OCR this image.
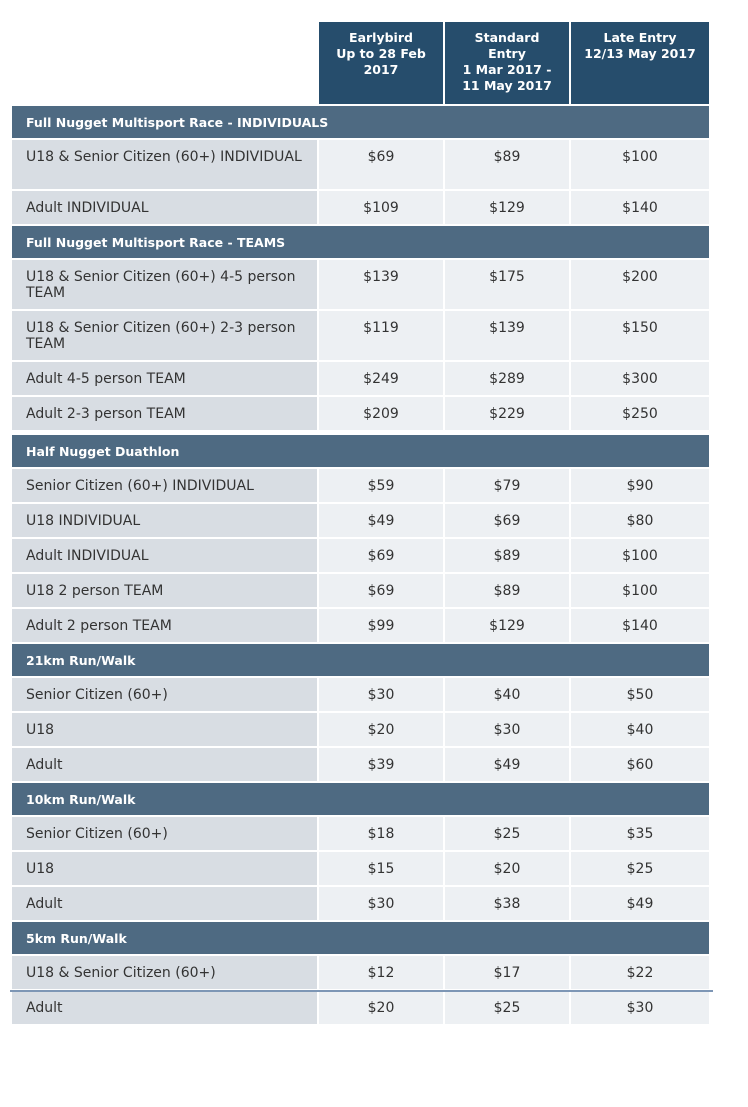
	Earlybird
Up to 28 Feb
2017	Standard
Entry
1 Mar 2017 -
11 May 2017	Late Entry
12/13 May 2017
Full Nugget Multisport Race - INDIVIDUALS			
U18 & Senior Citizen (60+) INDIVIDUAL	$69	$89	$100
Adult INDIVIDUAL	$109	$129	$140
Full Nugget Multisport Race - TEAMS			
U18 & Senior Citizen (60+) 4-5 person TEAM	$139	$175	$200
U18 & Senior Citizen (60+) 2-3 person TEAM	$119	$139	$150
Adult 4-5 person TEAM	$249	$289	$300
Adult 2-3 person TEAM	$209	$229	$250
Half Nugget Duathlon			
Senior Citizen (60+) INDIVIDUAL	$59	$79	$90
U18 INDIVIDUAL	$49	$69	$80
Adult INDIVIDUAL	$69	$89	$100
U18 2 person TEAM	$69	$89	$100
Adult 2 person TEAM	$99	$129	$140
21km Run/Walk			
Senior Citizen (60+)	$30	$40	$50
U18	$20	$30	$40
Adult	$39	$49	$60
10km Run/Walk			
Senior Citizen (60+)	$18	$25	$35
U18	$15	$20	$25
Adult	$30	$38	$49
5km Run/Walk			
U18 & Senior Citizen (60+)	$12	$17	$22
Adult	$20	$25	$30
